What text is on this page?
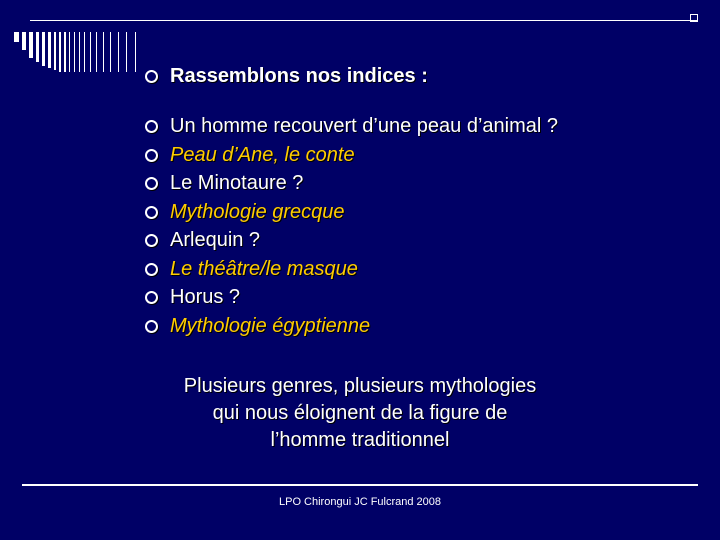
Rassemblons nos indices :
Un homme recouvert d’une peau d’animal ?
Peau d’Ane, le conte
Le Minotaure ?
Mythologie grecque
Arlequin ?
Le théâtre/le masque
Horus ?
Mythologie égyptienne
Plusieurs genres, plusieurs mythologies qui nous éloignent de la figure de l’homme traditionnel
LPO Chirongui JC Fulcrand 2008
